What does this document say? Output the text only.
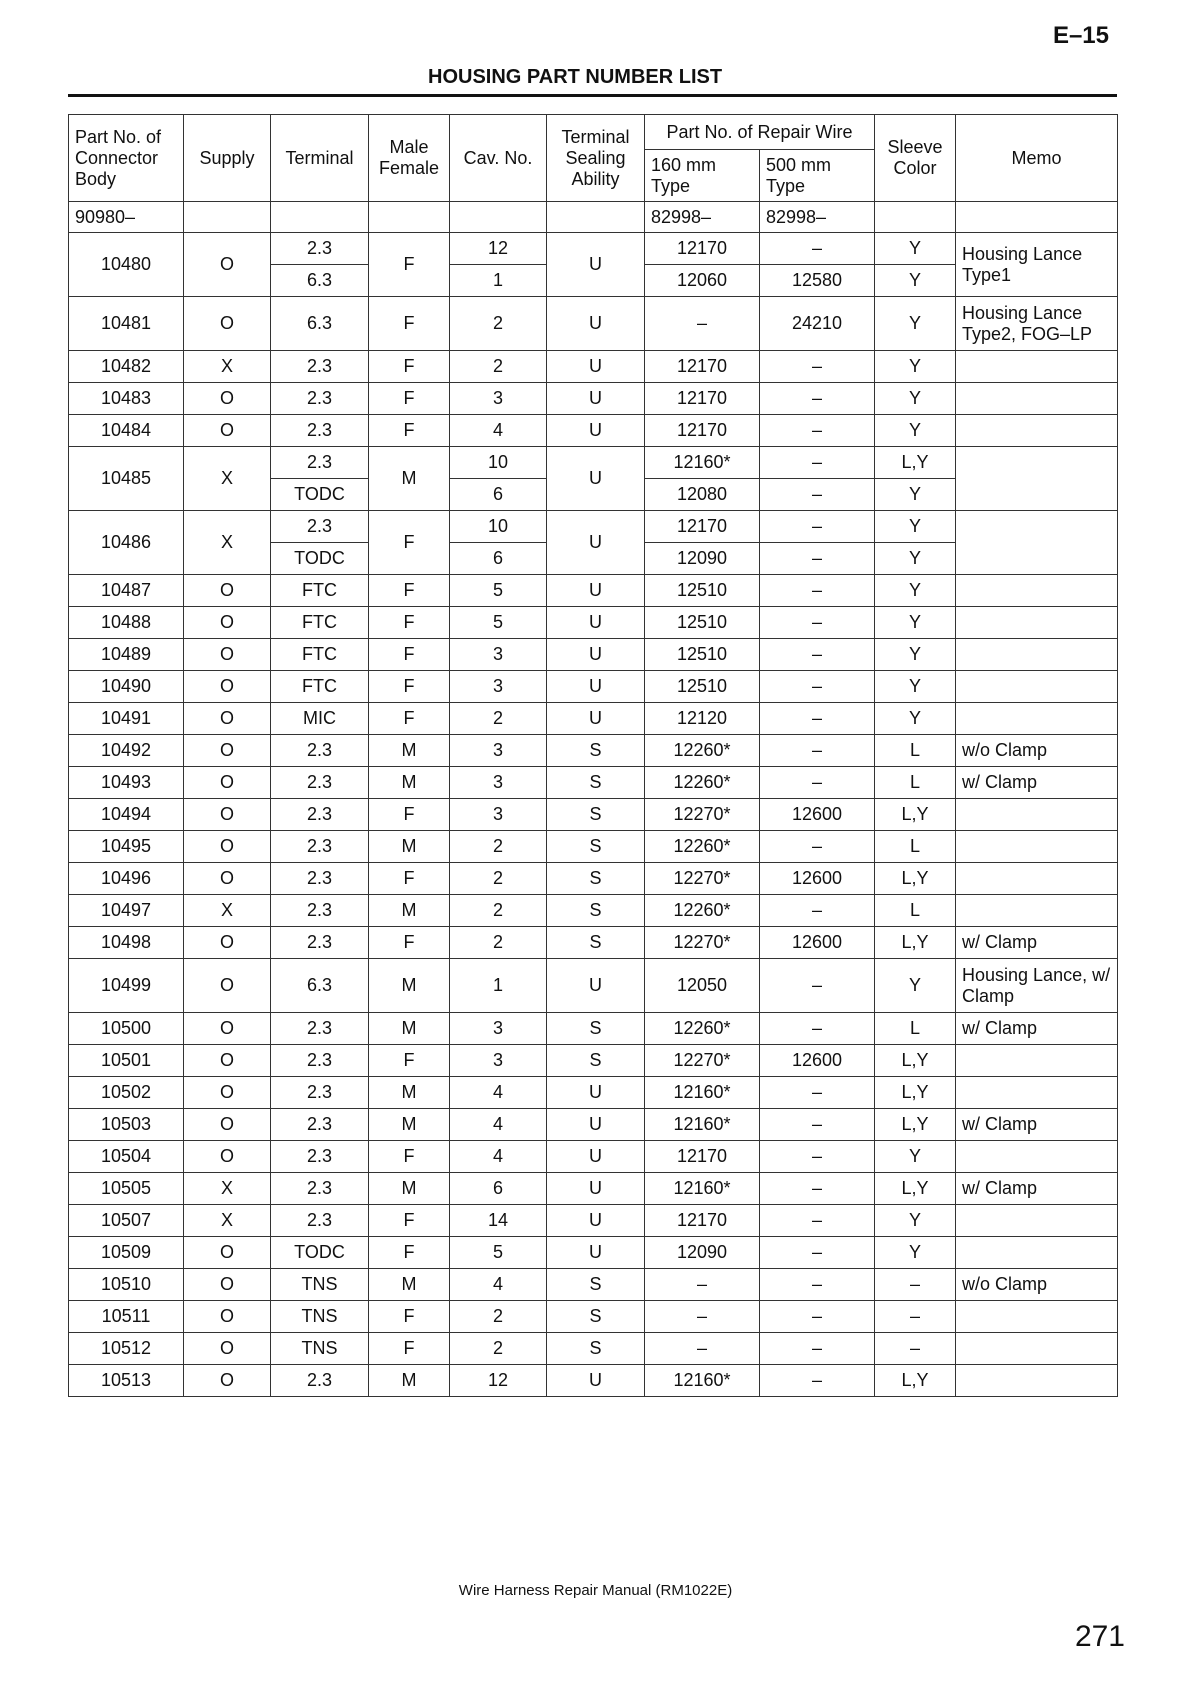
E–15
HOUSING PART NUMBER LIST
Part No. of Connector Body	Supply	Terminal	Male Female	Cav. No.	Terminal Sealing Ability	Part No. of Repair Wire		Sleeve Color	Memo
						160 mm Type	500 mm Type		
90980–						82998–	82998–		
10480	O	2.3	F	12	U	12170	–	Y	Housing Lance Type1
		6.3		1		12060	12580	Y	
10481	O	6.3	F	2	U	–	24210	Y	Housing Lance Type2, FOG–LP
10482	X	2.3	F	2	U	12170	–	Y	
10483	O	2.3	F	3	U	12170	–	Y	
10484	O	2.3	F	4	U	12170	–	Y	
10485	X	2.3	M	10	U	12160*	–	L,Y	
		TODC		6		12080	–	Y	
10486	X	2.3	F	10	U	12170	–	Y	
		TODC		6		12090	–	Y	
10487	O	FTC	F	5	U	12510	–	Y	
10488	O	FTC	F	5	U	12510	–	Y	
10489	O	FTC	F	3	U	12510	–	Y	
10490	O	FTC	F	3	U	12510	–	Y	
10491	O	MIC	F	2	U	12120	–	Y	
10492	O	2.3	M	3	S	12260*	–	L	w/o Clamp
10493	O	2.3	M	3	S	12260*	–	L	w/ Clamp
10494	O	2.3	F	3	S	12270*	12600	L,Y	
10495	O	2.3	M	2	S	12260*	–	L	
10496	O	2.3	F	2	S	12270*	12600	L,Y	
10497	X	2.3	M	2	S	12260*	–	L	
10498	O	2.3	F	2	S	12270*	12600	L,Y	w/ Clamp
10499	O	6.3	M	1	U	12050	–	Y	Housing Lance, w/ Clamp
10500	O	2.3	M	3	S	12260*	–	L	w/ Clamp
10501	O	2.3	F	3	S	12270*	12600	L,Y	
10502	O	2.3	M	4	U	12160*	–	L,Y	
10503	O	2.3	M	4	U	12160*	–	L,Y	w/ Clamp
10504	O	2.3	F	4	U	12170	–	Y	
10505	X	2.3	M	6	U	12160*	–	L,Y	w/ Clamp
10507	X	2.3	F	14	U	12170	–	Y	
10509	O	TODC	F	5	U	12090	–	Y	
10510	O	TNS	M	4	S	–	–	–	w/o Clamp
10511	O	TNS	F	2	S	–	–	–	
10512	O	TNS	F	2	S	–	–	–	
10513	O	2.3	M	12	U	12160*	–	L,Y	
Wire Harness Repair Manual (RM1022E)
271
